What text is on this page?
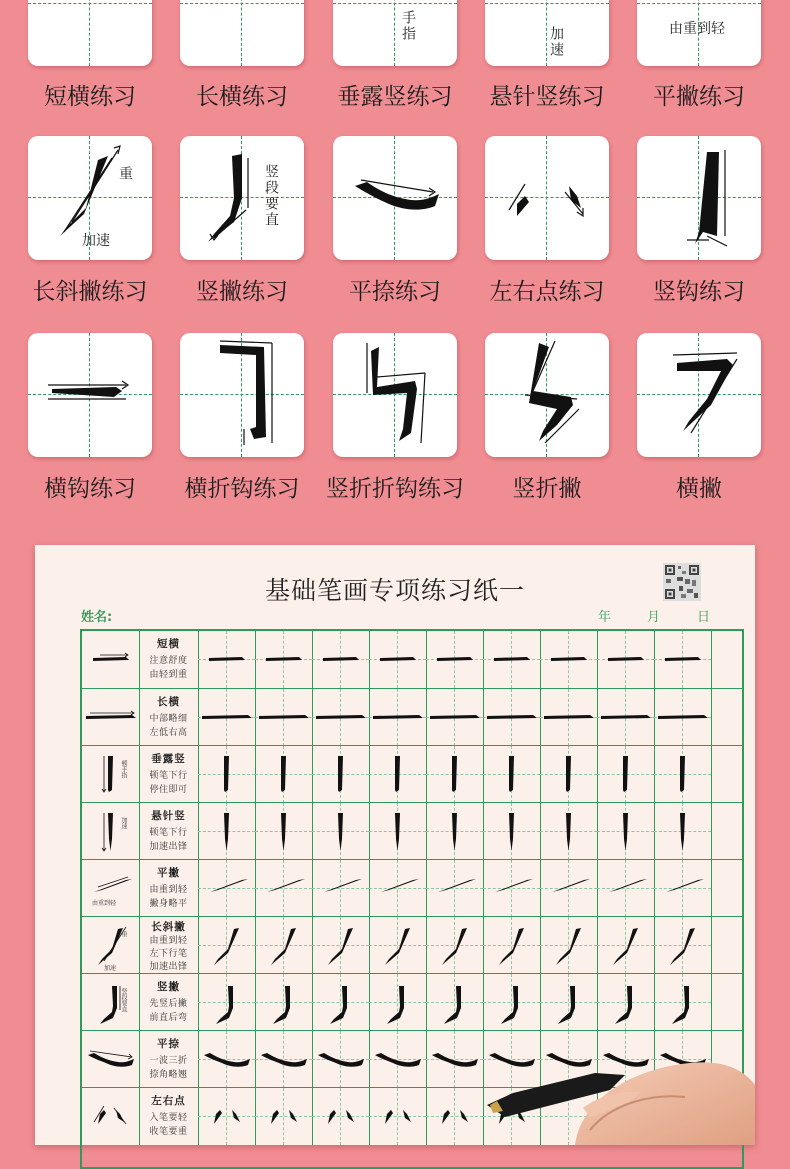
短横练习	长横练习
手指
垂露竖练习
加速
悬针竖练习
由重到轻
平撇练习
重
加速
长斜撇练习
竖段要直
竖撇练习	平捺练习	左右点练习	竖钩练习
横钩练习	横折钩练习	竖折折钩练习	竖折撇	横撇
基础笔画专项练习纸一
姓名:	年	月	日
短横
注意舒度
由轻到重
长横
中部略细
左低右高
顿手指
垂露竖
顿笔下行
停住即可
加速
悬针竖
顿笔下行
加速出锋
由重到轻
平撇
由重到轻
撇身略平
重
加速
长斜撇
由重到轻
左下行笔
加速出锋
竖段要直
竖撇
先竖后撇
前直后弯
平捺
一波三折
捺角略翘
左右点
入笔要轻
收笔要重
